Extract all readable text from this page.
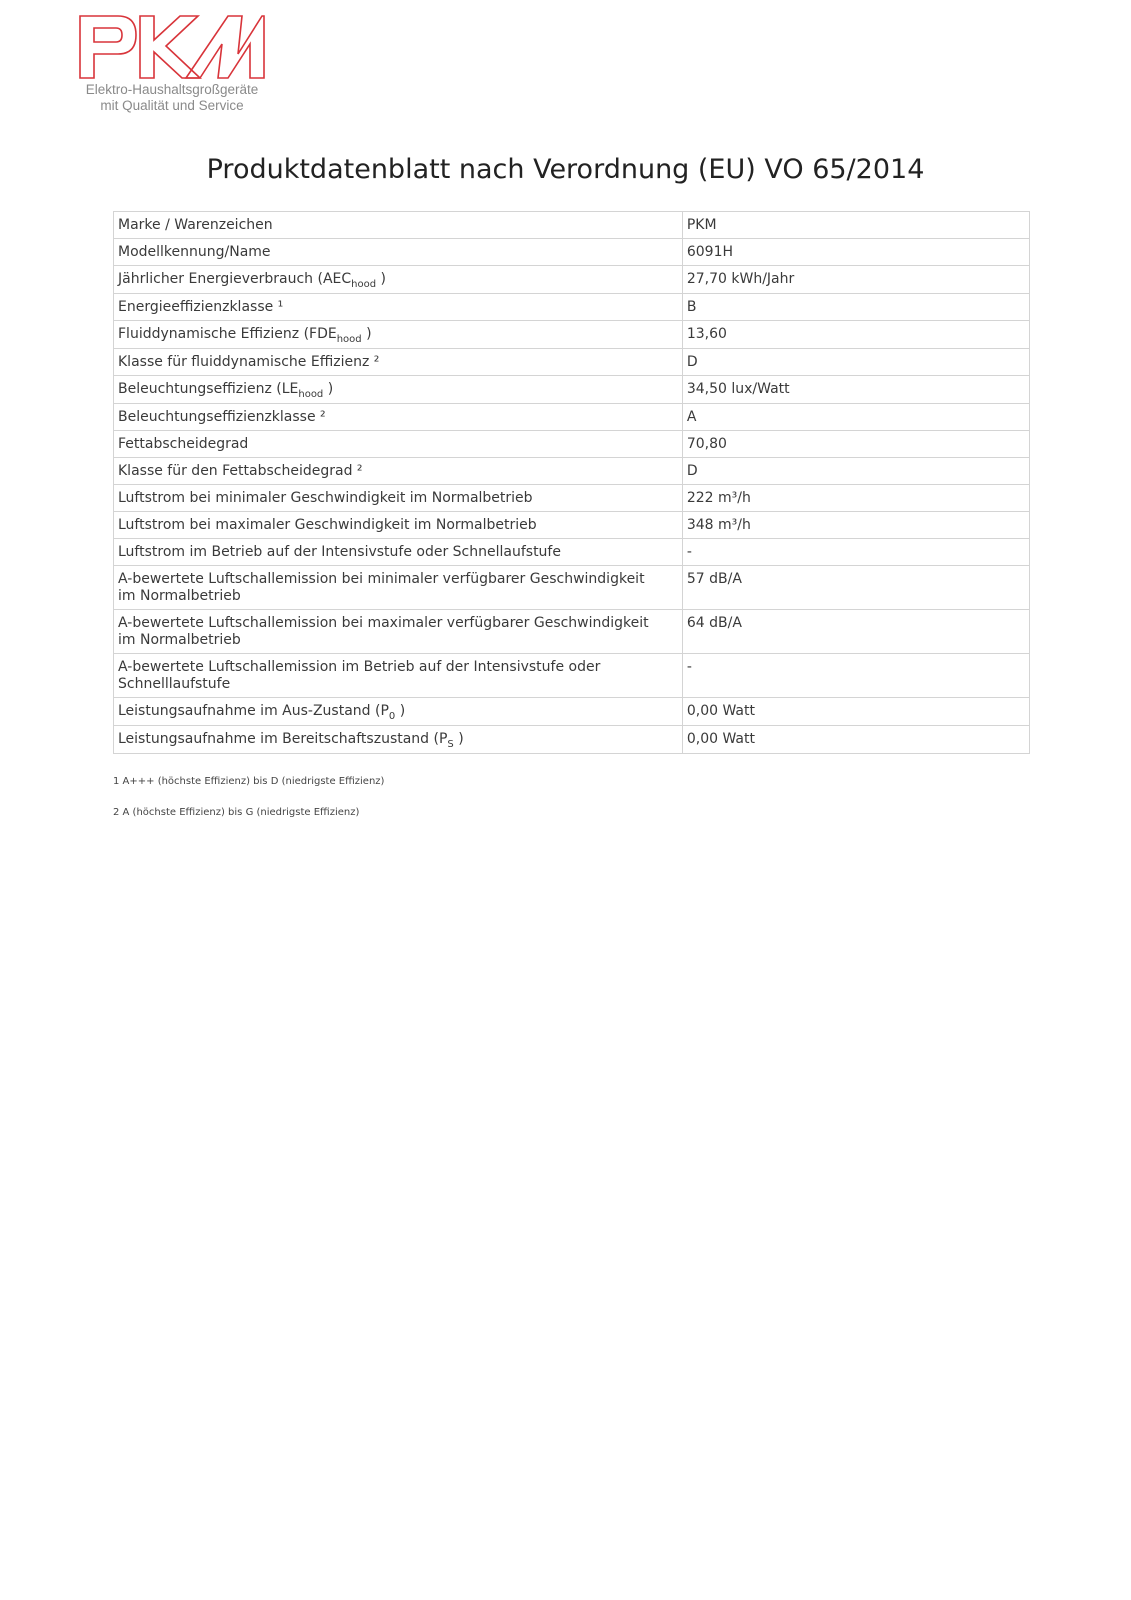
Elektro-Haushaltsgroßgeräte
mit Qualität und Service
Produktdatenblatt nach Verordnung (EU) VO 65/2014
Marke / Warenzeichen	PKM
Modellkennung/Name	6091H
Jährlicher Energieverbrauch ($AEC_{hood}$ )	27,70 kWh/Jahr
Energieeffizienzklasse ¹	B
Fluiddynamische Effizienz ($FDE_{hood}$ )	13,60
Klasse für fluiddynamische Effizienz ²	D
Beleuchtungseffizienz ($LE_{hood}$ )	34,50 lux/Watt
Beleuchtungseffizienzklasse ²	A
Fettabscheidegrad	70,80
Klasse für den Fettabscheidegrad ²	D
Luftstrom bei minimaler Geschwindigkeit im Normalbetrieb	222 m³/h
Luftstrom bei maximaler Geschwindigkeit im Normalbetrieb	348 m³/h
Luftstrom im Betrieb auf der Intensivstufe oder Schnellaufstufe	-
A-bewertete Luftschallemission bei minimaler verfügbarer Geschwindigkeit
im Normalbetrieb	57 dB/A
A-bewertete Luftschallemission bei maximaler verfügbarer Geschwindigkeit
im Normalbetrieb	64 dB/A
A-bewertete Luftschallemission im Betrieb auf der Intensivstufe oder Schnelllaufstufe	-
Leistungsaufnahme im Aus-Zustand ($P_0$ )	0,00 Watt
Leistungsaufnahme im Bereitschaftszustand ($P_S$ )	0,00 Watt
1 A+++ (höchste Effizienz) bis D (niedrigste Effizienz)
2 A (höchste Effizienz) bis G (niedrigste Effizienz)
